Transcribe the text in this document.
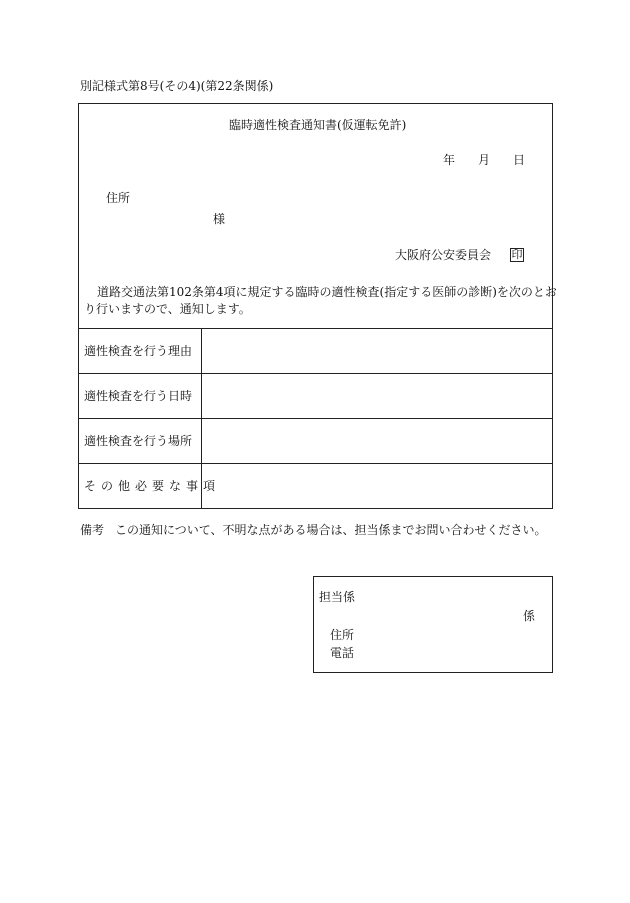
別記様式第8号(その4)(第22条関係)
臨時適性検査通知書(仮運転免許)
年 月 日
住所
様
大阪府公安委員会 印
道路交通法第102条第4項に規定する臨時の適性検査(指定する医師の診断)を次のとお
り行いますので、通知します。
適性検査を行う理由
適性検査を行う日時
適性検査を行う場所
その他必要な事項
備考 この通知について、不明な点がある場合は、担当係までお問い合わせください。
担当係
係
住所
電話
